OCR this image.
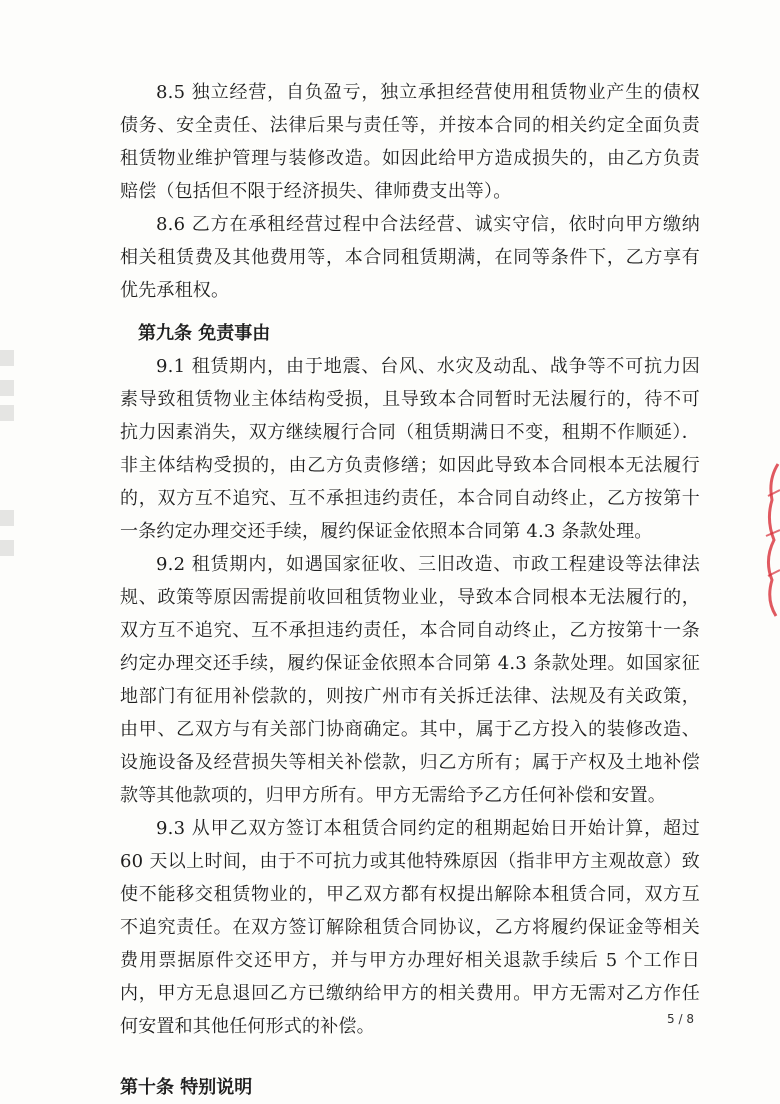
8.5 独立经营，自负盈亏，独立承担经营使用租赁物业产生的债权债务、安全责任、法律后果与责任等，并按本合同的相关约定全面负责租赁物业维护管理与装修改造。如因此给甲方造成损失的，由乙方负责赔偿（包括但不限于经济损失、律师费支出等）。

8.6 乙方在承租经营过程中合法经营、诚实守信，依时向甲方缴纳相关租赁费及其他费用等，本合同租赁期满，在同等条件下，乙方享有优先承租权。

第九条 免责事由

9.1 租赁期内，由于地震、台风、水灾及动乱、战争等不可抗力因素导致租赁物业主体结构受损，且导致本合同暂时无法履行的，待不可抗力因素消失，双方继续履行合同（租赁期满日不变，租期不作顺延）．非主体结构受损的，由乙方负责修缮；如因此导致本合同根本无法履行的，双方互不追究、互不承担违约责任，本合同自动终止，乙方按第十一条约定办理交还手续，履约保证金依照本合同第 4.3 条款处理。

9.2 租赁期内，如遇国家征收、三旧改造、市政工程建设等法律法规、政策等原因需提前收回租赁物业业，导致本合同根本无法履行的，双方互不追究、互不承担违约责任，本合同自动终止，乙方按第十一条约定办理交还手续，履约保证金依照本合同第 4.3 条款处理。如国家征地部门有征用补偿款的，则按广州市有关拆迁法律、法规及有关政策，由甲、乙双方与有关部门协商确定。其中，属于乙方投入的装修改造、设施设备及经营损失等相关补偿款，归乙方所有；属于产权及土地补偿款等其他款项的，归甲方所有。甲方无需给予乙方任何补偿和安置。

9.3 从甲乙双方签订本租赁合同约定的租期起始日开始计算，超过 60 天以上时间，由于不可抗力或其他特殊原因（指非甲方主观故意）致使不能移交租赁物业的，甲乙双方都有权提出解除本租赁合同，双方互不追究责任。在双方签订解除租赁合同协议，乙方将履约保证金等相关费用票据原件交还甲方，并与甲方办理好相关退款手续后 5 个工作日内，甲方无息退回乙方已缴纳给甲方的相关费用。甲方无需对乙方作任何安置和其他任何形式的补偿。

第十条 特别说明

5 / 8
